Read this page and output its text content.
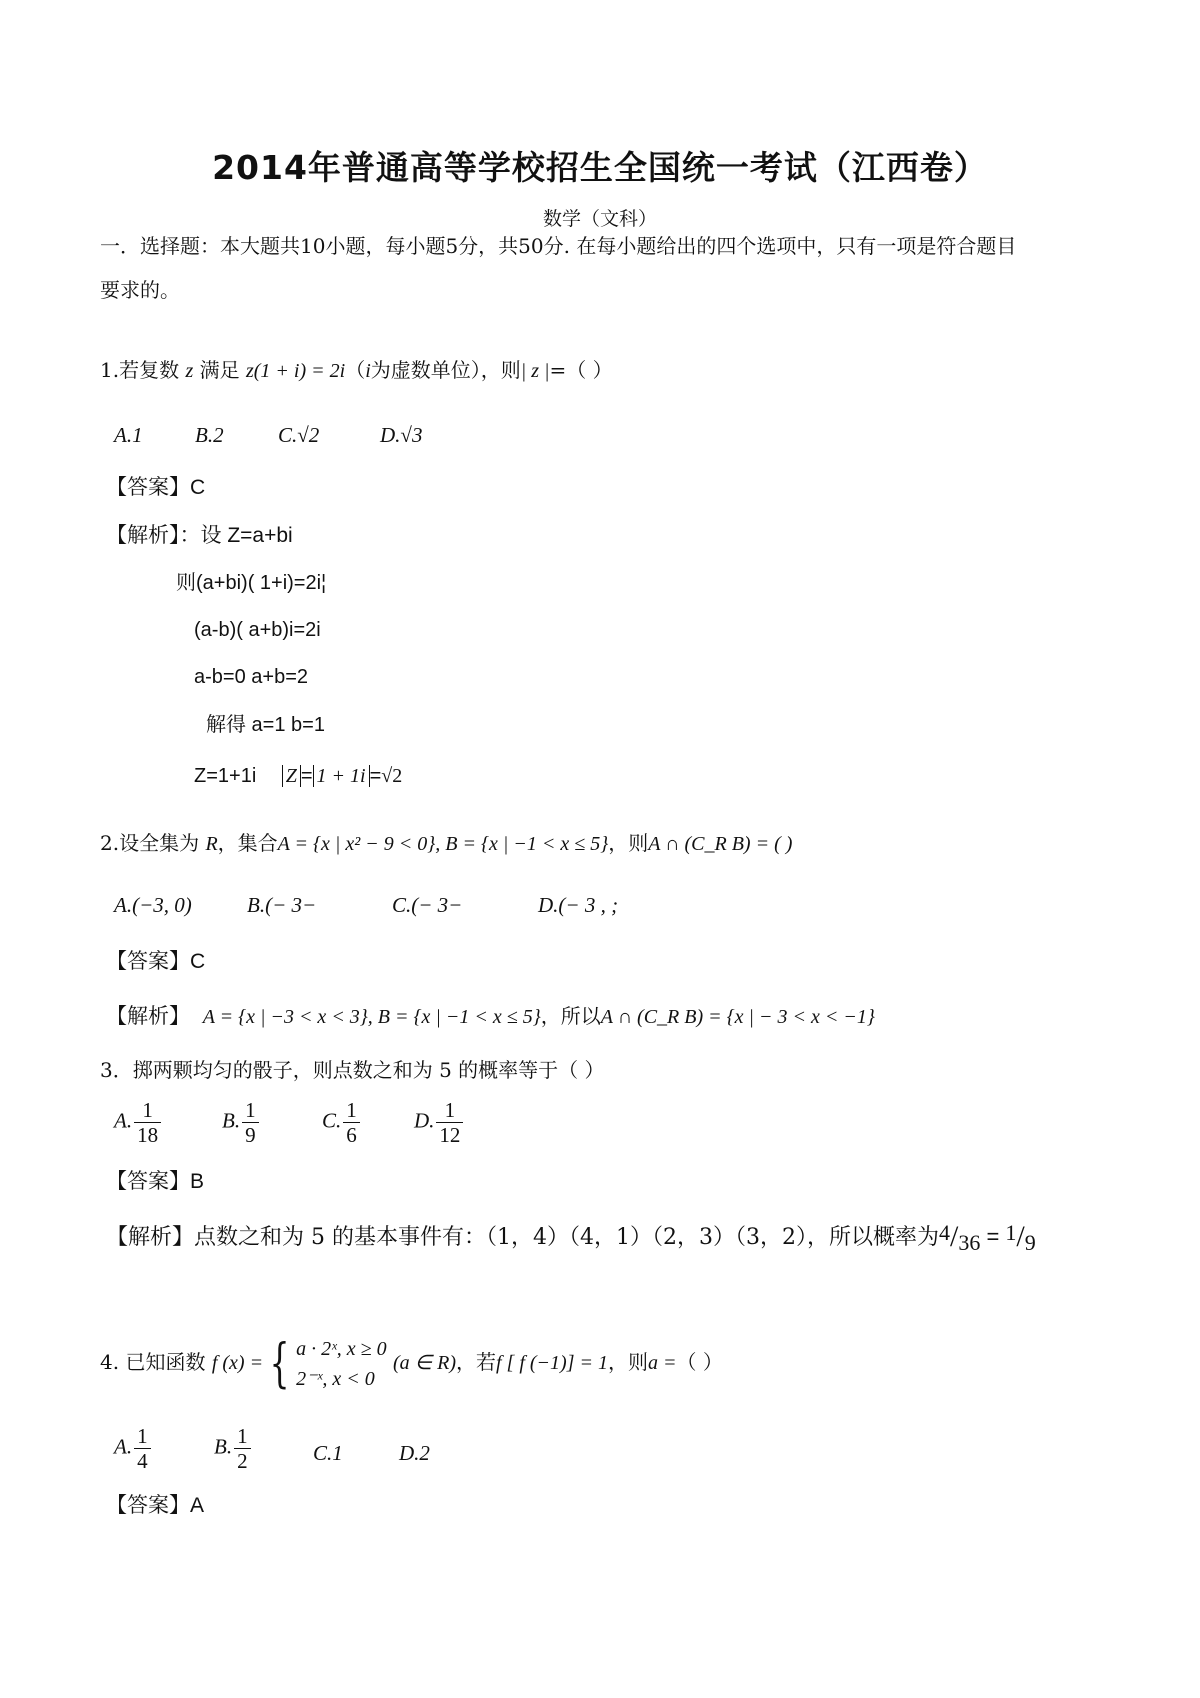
2014年普通高等学校招生全国统一考试（江西卷）
数学（文科）
一．选择题：本大题共10小题，每小题5分，共50分. 在每小题给出的四个选项中，只有一项是符合题目
要求的。
1.若复数 z 满足 z(1 + i) = 2i（i为虚数单位），则| z |=（ ）
A.1 B.2	C.√2	D.√3
【答案】C
【解析】：设 Z=a+bi
则(a+bi)( 1+i)=2i¦
(a-b)( a+b)i=2i
a-b=0 a+b=2
解得 a=1 b=1
Z=1+1i Z = 1 + 1i =√2
2.设全集为 R，集合A = {x | x² − 9 < 0}, B = {x | −1 < x ≤ 5}，则A ∩ (C_R B) = ( )
A.(−3, 0)	B.(− 3−	C.(− 3−	D.(− 3 , ;
【答案】C
【解析】 A = {x | −3 < x < 3}, B = {x | −1 < x ≤ 5}，所以A ∩ (C_R B) = {x | − 3 < x < −1}
3．掷两颗均匀的骰子，则点数之和为 5 的概率等于（ ）
A. $\frac{1}{18}$	B. $\frac{1}{9}$	C. $\frac{1}{6}$	D. $\frac{1}{12}$
【答案】B
【解析】点数之和为 5 的基本事件有：（1，4）（4，1）（2，3）（3，2），所以概率为$^4/_{36} = ^1/_9$
4. 已知函数 f (x) = { a · 2ˣ, x ≥ 0
2⁻ˣ, x < 0
(a ∈ R)，若f [ f (−1)] = 1，则a =（ ）
A. $\frac{1}{4}$	B. $\frac{1}{2}$	C.1	D.2
【答案】A
